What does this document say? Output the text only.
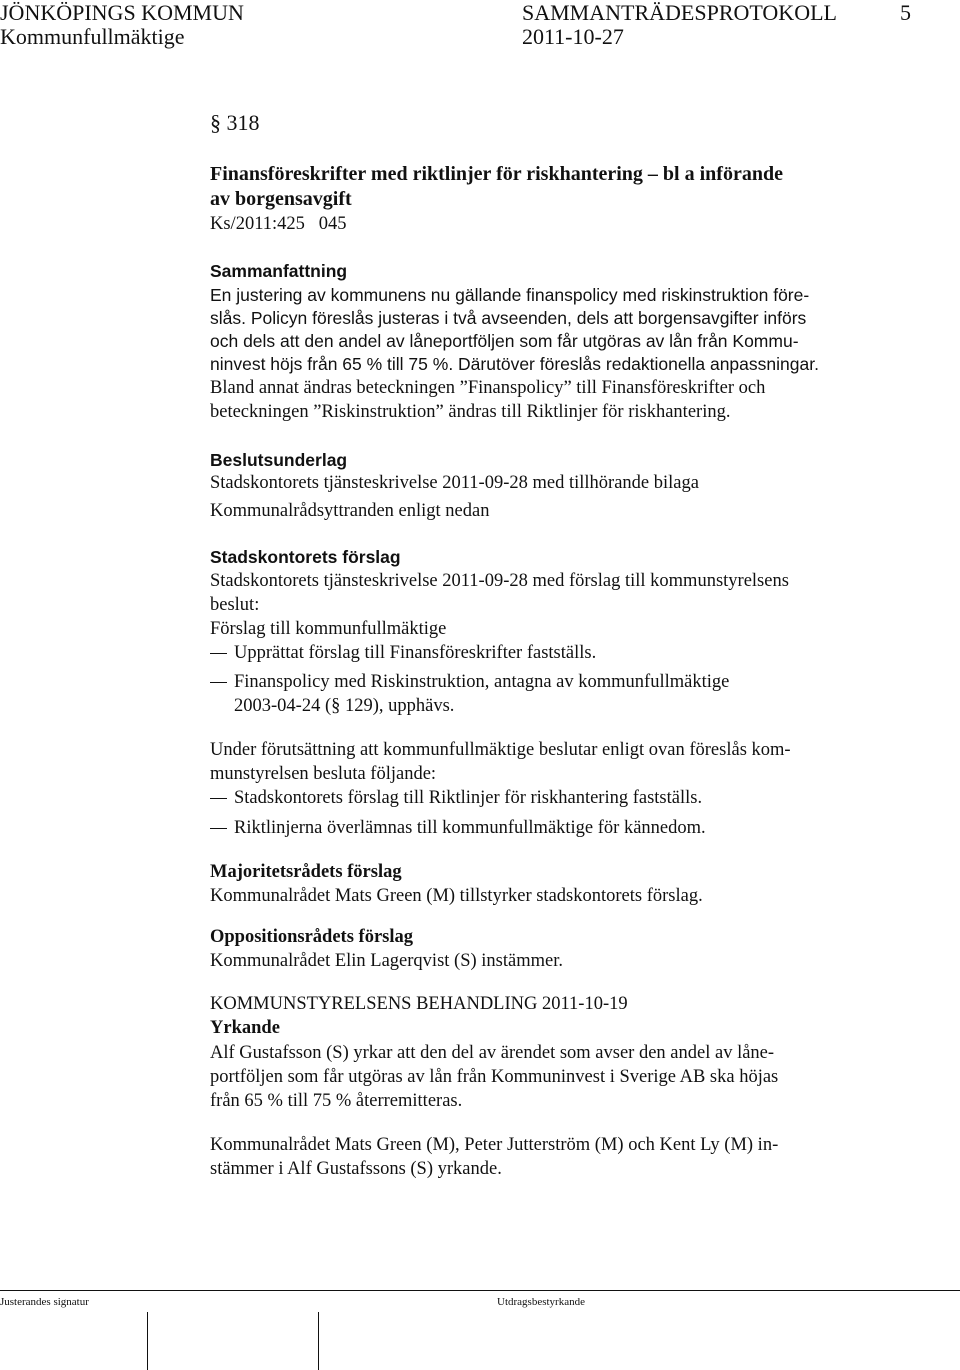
JÖNKÖPINGS KOMMUN	SAMMANTRÄDESPROTOKOLL	5
Kommunfullmäktige	2011-10-27
§ 318
Finansföreskrifter med riktlinjer för riskhantering – bl a införande
av borgensavgift
Ks/2011:425   045
Sammanfattning
En justering av kommunens nu gällande finanspolicy med riskinstruktion före-
slås. Policyn föreslås justeras i två avseenden, dels att borgensavgifter införs
och dels att den andel av låneportföljen som får utgöras av lån från Kommu-
ninvest höjs från 65 % till 75 %. Därutöver föreslås redaktionella anpassningar.
Bland annat ändras beteckningen ”Finanspolicy” till Finansföreskrifter och
beteckningen ”Riskinstruktion” ändras till Riktlinjer för riskhantering.
Beslutsunderlag
Stadskontorets tjänsteskrivelse 2011-09-28 med tillhörande bilaga
Kommunalrådsyttranden enligt nedan
Stadskontorets förslag
Stadskontorets tjänsteskrivelse 2011-09-28 med förslag till kommunstyrelsens
beslut:
Förslag till kommunfullmäktige
Upprättat förslag till Finansföreskrifter fastställs.
Finanspolicy med Riskinstruktion, antagna av kommunfullmäktige
2003-04-24 (§ 129), upphävs.
Under förutsättning att kommunfullmäktige beslutar enligt ovan föreslås kom-
munstyrelsen besluta följande:
Stadskontorets förslag till Riktlinjer för riskhantering fastställs.
Riktlinjerna överlämnas till kommunfullmäktige för kännedom.
Majoritetsrådets förslag
Kommunalrådet Mats Green (M) tillstyrker stadskontorets förslag.
Oppositionsrådets förslag
Kommunalrådet Elin Lagerqvist (S) instämmer.
KOMMUNSTYRELSENS BEHANDLING 2011-10-19
Yrkande
Alf Gustafsson (S) yrkar att den del av ärendet som avser den andel av låne-
portföljen som får utgöras av lån från Kommuninvest i Sverige AB ska höjas
från 65 % till 75 % återremitteras.
Kommunalrådet Mats Green (M), Peter Jutterström (M) och Kent Ly (M) in-
stämmer i Alf Gustafssons (S) yrkande.
Justerandes signatur	Utdragsbestyrkande
